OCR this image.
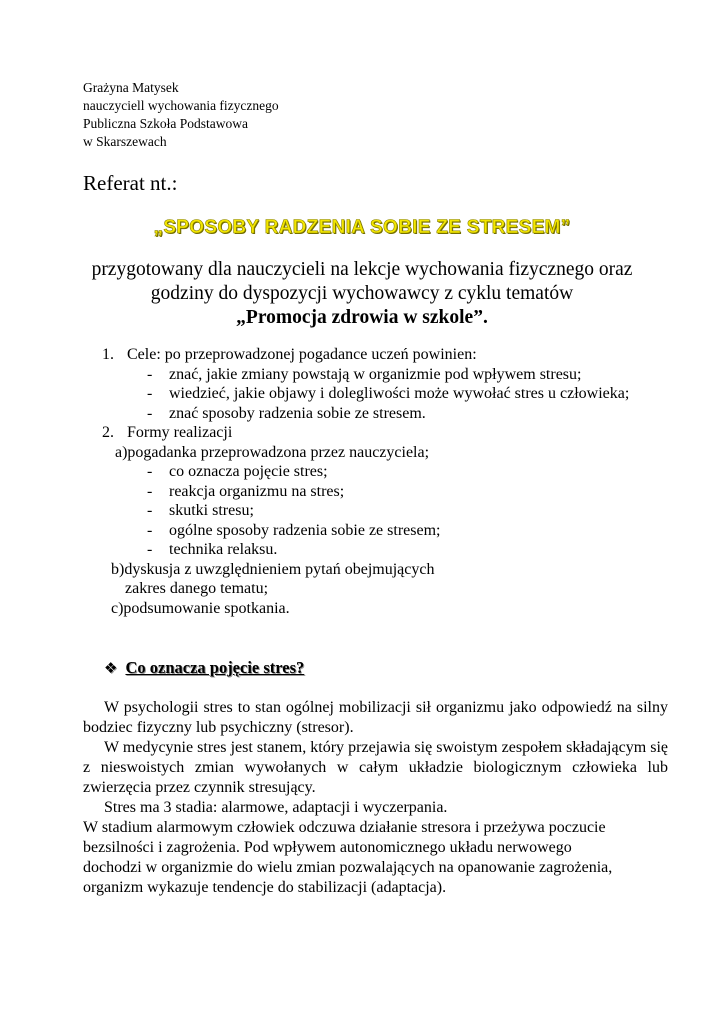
Grażyna Matysek
nauczyciell wychowania fizycznego
Publiczna Szkoła Podstawowa
w Skarszewach
Referat nt.:
„SPOSOBY RADZENIA SOBIE ZE STRESEM”
przygotowany dla nauczycieli na lekcje wychowania fizycznego oraz
godziny do dyspozycji wychowawcy z cyklu tematów
„Promocja zdrowia w szkole”.
1. Cele: po przeprowadzonej pogadance uczeń powinien:
- znać, jakie zmiany powstają w organizmie pod wpływem stresu;
- wiedzieć, jakie objawy i dolegliwości może wywołać stres u człowieka;
- znać sposoby radzenia sobie ze stresem.
2. Formy realizacji
a)pogadanka przeprowadzona przez nauczyciela;
- co oznacza pojęcie stres;
- reakcja organizmu na stres;
- skutki stresu;
- ogólne sposoby radzenia sobie ze stresem;
- technika relaksu.
b)dyskusja z uwzględnieniem pytań obejmujących
zakres danego tematu;
c)podsumowanie spotkania.
❖ Co oznacza pojęcie stres?

W psychologii stres to stan ogólnej mobilizacji sił organizmu jako odpowiedź na silny bodziec fizyczny lub psychiczny (stresor).

W medycynie stres jest stanem, który przejawia się swoistym zespołem składającym się z nieswoistych zmian wywołanych w całym układzie biologicznym człowieka lub zwierzęcia przez czynnik stresujący.

Stres ma 3 stadia: alarmowe, adaptacji i wyczerpania.

W stadium alarmowym człowiek odczuwa działanie stresora i przeżywa poczucie

bezsilności i zagrożenia. Pod wpływem autonomicznego układu nerwowego

dochodzi w organizmie do wielu zmian pozwalających na opanowanie zagrożenia,

organizm wykazuje tendencje do stabilizacji (adaptacja).
